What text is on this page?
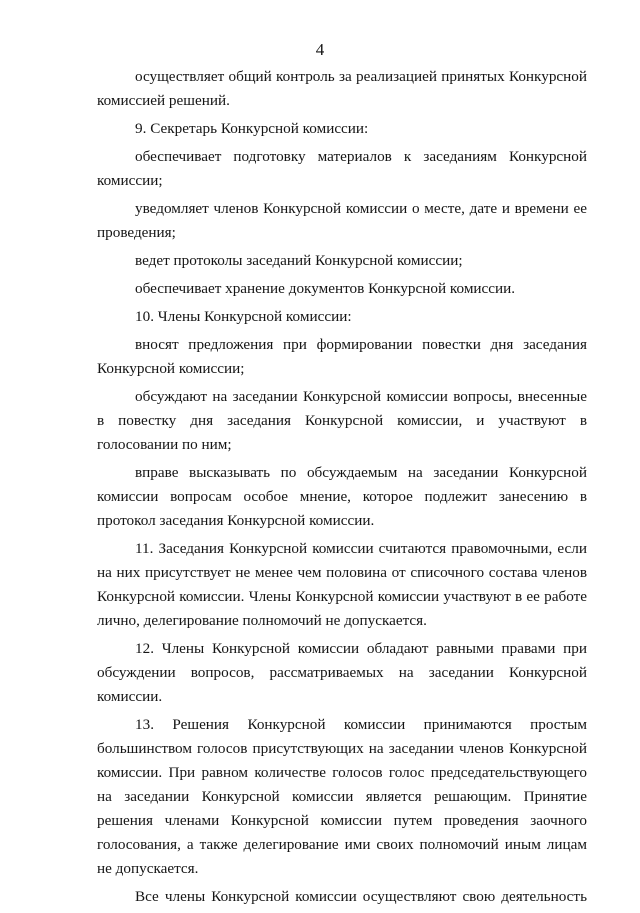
4

осуществляет общий контроль за реализацией принятых Конкурсной комиссией решений.

9. Секретарь Конкурсной комиссии:

обеспечивает подготовку материалов к заседаниям Конкурсной комиссии;

уведомляет членов Конкурсной комиссии о месте, дате и времени ее проведения;

ведет протоколы заседаний Конкурсной комиссии;

обеспечивает хранение документов Конкурсной комиссии.

10. Члены Конкурсной комиссии:

вносят предложения при формировании повестки дня заседания Конкурсной комиссии;

обсуждают на заседании Конкурсной комиссии вопросы, внесенные в повестку дня заседания Конкурсной комиссии, и участвуют в голосовании по ним;

вправе высказывать по обсуждаемым на заседании Конкурсной комиссии вопросам особое мнение, которое подлежит занесению в протокол заседания Конкурсной комиссии.

11. Заседания Конкурсной комиссии считаются правомочными, если на них присутствует не менее чем половина от списочного состава членов Конкурсной комиссии. Члены Конкурсной комиссии участвуют в ее работе лично, делегирование полномочий не допускается.

12. Члены Конкурсной комиссии обладают равными правами при обсуждении вопросов, рассматриваемых на заседании Конкурсной комиссии.

13. Решения Конкурсной комиссии принимаются простым большинством голосов присутствующих на заседании членов Конкурсной комиссии. При равном количестве голосов голос председательствующего на заседании Конкурсной комиссии является решающим. Принятие решения членами Конкурсной комиссии путем проведения заочного голосования, а также делегирование ими своих полномочий иным лицам не допускается.

Все члены Конкурсной комиссии осуществляют свою деятельность
